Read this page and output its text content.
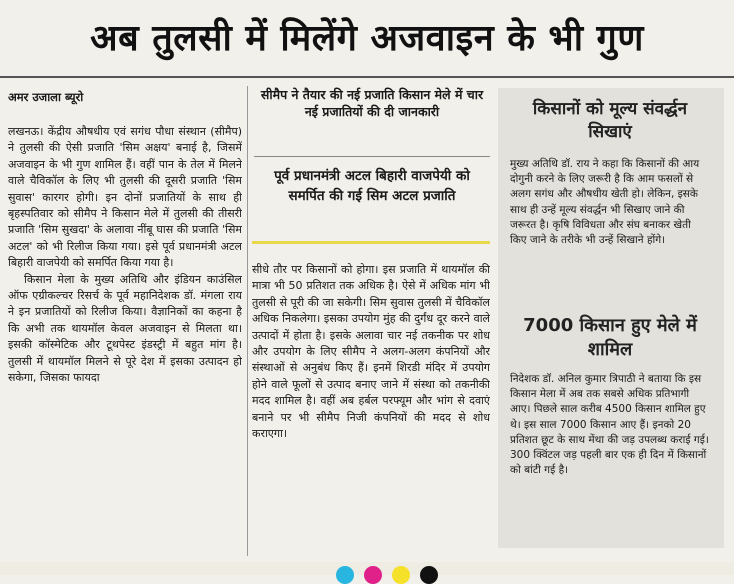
अब तुलसी में मिलेंगे अजवाइन के भी गुण
अमर उजाला ब्यूरो

लखनऊ। केंद्रीय औषधीय एवं सगंध पौधा संस्थान (सीमैप) ने तुलसी की ऐसी प्रजाति 'सिम अक्षय' बनाई है, जिसमें अजवाइन के भी गुण शामिल हैं। वहीं पान के तेल में मिलने वाले चैविकॉल के लिए भी तुलसी की दूसरी प्रजाति 'सिम सुवास' कारगर होगी। इन दोनों प्रजातियों के साथ ही बृहस्पतिवार को सीमैप ने किसान मेले में तुलसी की तीसरी प्रजाति 'सिम सुखदा' के अलावा नींबू घास की प्रजाति 'सिम अटल' को भी रिलीज किया गया। इसे पूर्व प्रधानमंत्री अटल बिहारी वाजपेयी को समर्पित किया गया है।

किसान मेला के मुख्य अतिथि और इंडियन काउंसिल ऑफ एग्रीकल्चर रिसर्च के पूर्व महानिदेशक डॉ. मंगला राय ने इन प्रजातियों को रिलीज किया। वैज्ञानिकों का कहना है कि अभी तक थायमॉल केवल अजवाइन से मिलता था। इसकी कॉस्मेटिक और टूथपेस्ट इंडस्ट्री में बहुत मांग है। तुलसी में थायमॉल मिलने से पूरे देश में इसका उत्पादन हो सकेगा, जिसका फायदा

सीमैप ने तैयार की नई प्रजाति किसान मेले में चार नई प्रजातियों की दी जानकारी
पूर्व प्रधानमंत्री अटल बिहारी वाजपेयी को समर्पित की गई सिम अटल प्रजाति

सीधे तौर पर किसानों को होगा। इस प्रजाति में थायमॉल की मात्रा भी 50 प्रतिशत तक अधिक है। ऐसे में अधिक मांग भी तुलसी से पूरी की जा सकेगी। सिम सुवास तुलसी में चैविकॉल अधिक निकलेगा। इसका उपयोग मुंह की दुर्गंध दूर करने वाले उत्पादों में होता है। इसके अलावा चार नई तकनीक पर शोध और उपयोग के लिए सीमैप ने अलग-अलग कंपनियों और संस्थाओं से अनुबंध किए हैं। इनमें शिरडी मंदिर में उपयोग होने वाले फूलों से उत्पाद बनाए जाने में संस्था को तकनीकी मदद शामिल है। वहीं अब हर्बल परफ्यूम और भांग से दवाएं बनाने पर भी सीमैप निजी कंपनियों की मदद से शोध कराएगा।

किसानों को मूल्य संवर्द्धन सिखाएं

मुख्य अतिथि डॉ. राय ने कहा कि किसानों की आय दोगुनी करने के लिए जरूरी है कि आम फसलों से अलग सगंध और औषधीय खेती हो। लेकिन, इसके साथ ही उन्हें मूल्य संवर्द्धन भी सिखाए जाने की जरूरत है। कृषि विविधता और संघ बनाकर खेती किए जाने के तरीके भी उन्हें सिखाने होंगे।

7000 किसान हुए मेले में शामिल

निदेशक डॉ. अनिल कुमार त्रिपाठी ने बताया कि इस किसान मेला में अब तक सबसे अधिक प्रतिभागी आए। पिछले साल करीब 4500 किसान शामिल हुए थे। इस साल 7000 किसान आए हैं। इनको 20 प्रतिशत छूट के साथ मेंथा की जड़ उपलब्ध कराई गई। 300 क्विंटल जड़ पहली बार एक ही दिन में किसानों को बांटी गई है।
